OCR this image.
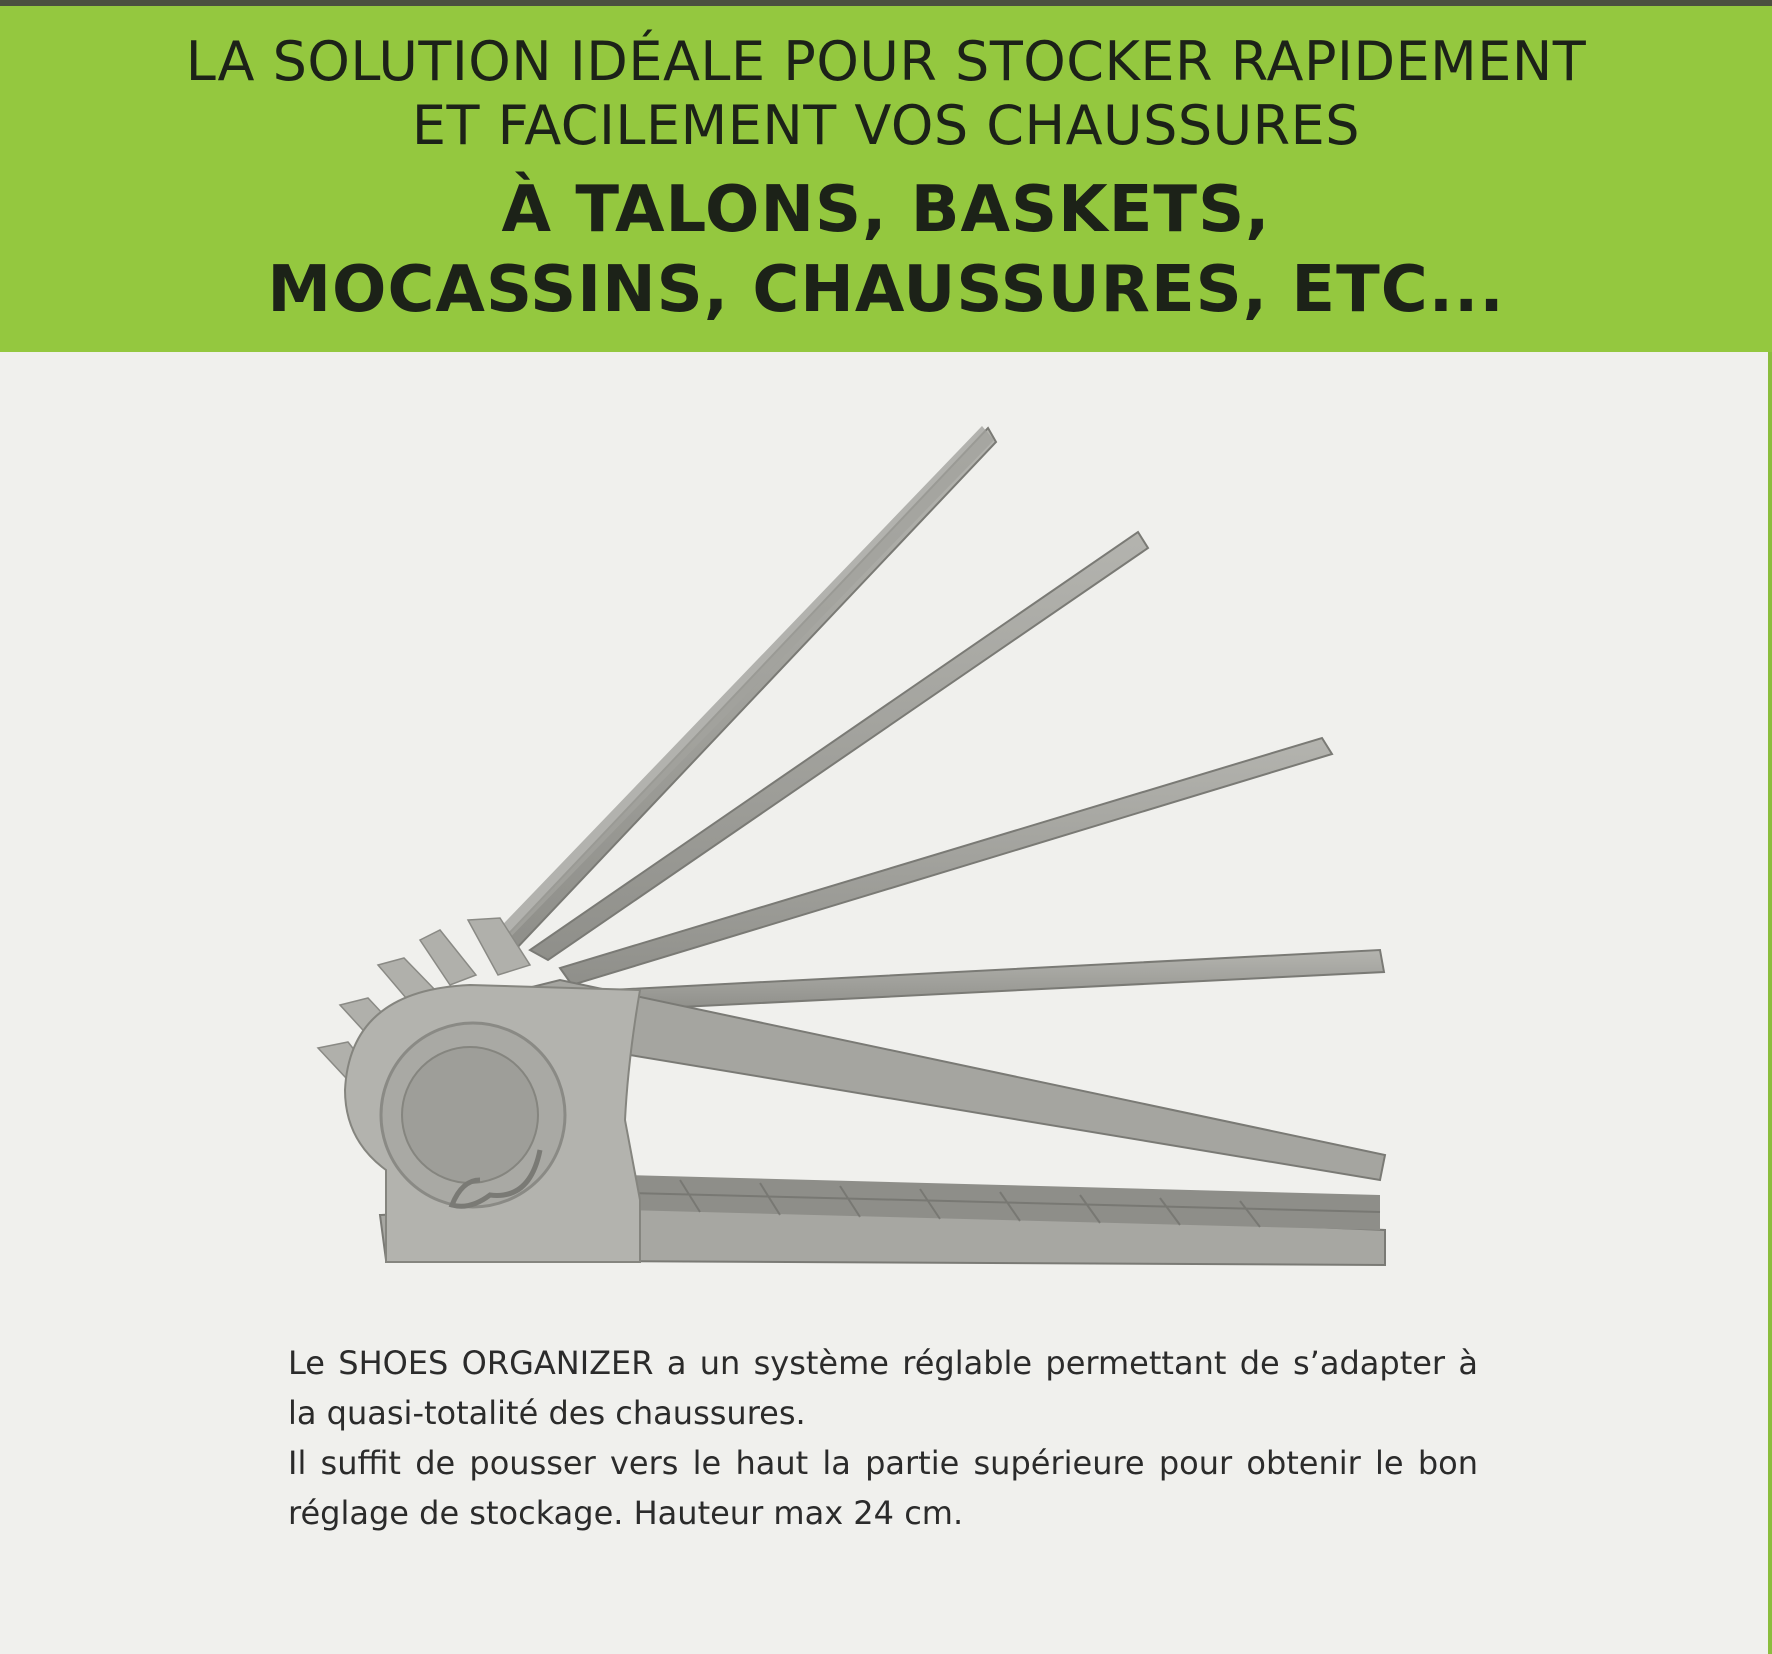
LA SOLUTION IDÉALE POUR STOCKER RAPIDEMENT
ET FACILEMENT VOS CHAUSSURES
À TALONS, BASKETS,
MOCASSINS, CHAUSSURES, ETC...

Le SHOES ORGANIZER a un système réglable permettant de s’adapter à la quasi-totalité des chaussures.

Il suffit de pousser vers le haut la partie supérieure pour obtenir le bon réglage de stockage. Hauteur max 24 cm.
